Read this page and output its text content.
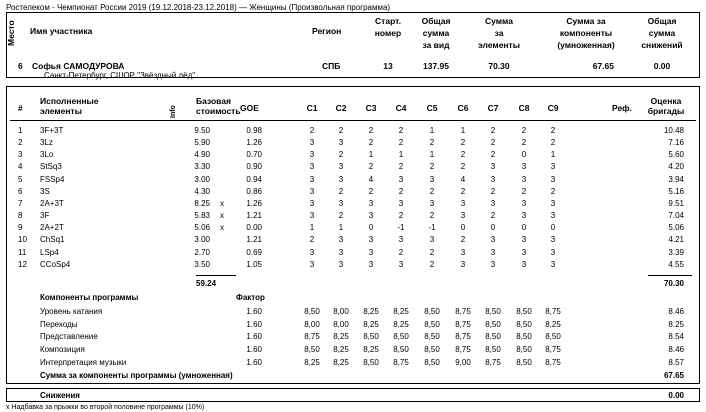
Ростелеком - Чемпионат России 2019 (19.12.2018-23.12.2018) — Женщины (Произвольная программа)
Место Имя участника	Регион
Старт.
номер
Общая
сумма
за вид
Сумма
за
элементы
Сумма за
компоненты
(умноженная)
Общая
сумма
снижений
6 Софья САМОДУРОВА
Санкт-Петербург, СШОР "Звёздный лёд"
СПБ	13	137.95	70.30	67.65	0.00
#
Исполненные
элементы	Info
Базовая
стоимость GOE	С1	С2	С3	С4	С5	С6	С7	С8	С9	Реф.
Оценка
бригады
1 3F+3T	9.50	0.98	2	2	2	2	1	1	2	2	2	10.48
2 3Lz	5.90	1.26	3	3	2	2	2	2	2	2	2	7.16
3 3Lo	4.90	0.70	3	2	1	1	1	2	2	0	1	5.60
4 StSq3	3.30	0.90	3	3	2	2	2	2	3	3	3	4.20
5 FSSp4	3.00	0.94	3	3	4	3	3	4	3	3	3	3.94
6 3S	4.30	0.86	3	2	2	2	2	2	2	2	2	5.16
7 2A+3T	8.25 x	1.26	3	3	3	3	3	3	3	3	3	9.51
8 3F	5.83 x	1.21	3	2	3	2	2	3	2	3	3	7.04
9 2A+2T	5.06 x	0.00	1	1	0	-1	-1	0	0	0	0	5.06
10 ChSq1	3.00	1.21	2	3	3	3	3	2	3	3	3	4.21
11 LSp4	2.70	0.69	3	3	3	2	2	3	3	3	3	3.39
12 CCoSp4	3.50	1.05	3	3	3	3	2	3	3	3	3	4.55
59.24	70.30
Компоненты программы	Фактор
Уровень катания	1.60	8,50	8,00	8,25	8,25	8,50	8,75	8,50	8,50	8,75	8.46
Переходы	1.60	8,00	8,00	8,25	8,25	8,50	8,75	8,50	8,50	8,25	8.25
Представление	1.60	8,75	8,25	8,50	8,50	8,50	8,75	8,50	8,50	8,50	8.54
Композиция	1.60	8,50	8,25	8,25	8,50	8,50	8,75	8,50	8,50	8,75	8.46
Интерпретация музыки	1.60	8,25	8,25	8,50	8,75	8,50	9,00	8,75	8,50	8,75	8.57
Сумма за компоненты программы (умноженная)	67.65
Снижения	0.00
x Надбавка за прыжки во второй половине программы (10%)
